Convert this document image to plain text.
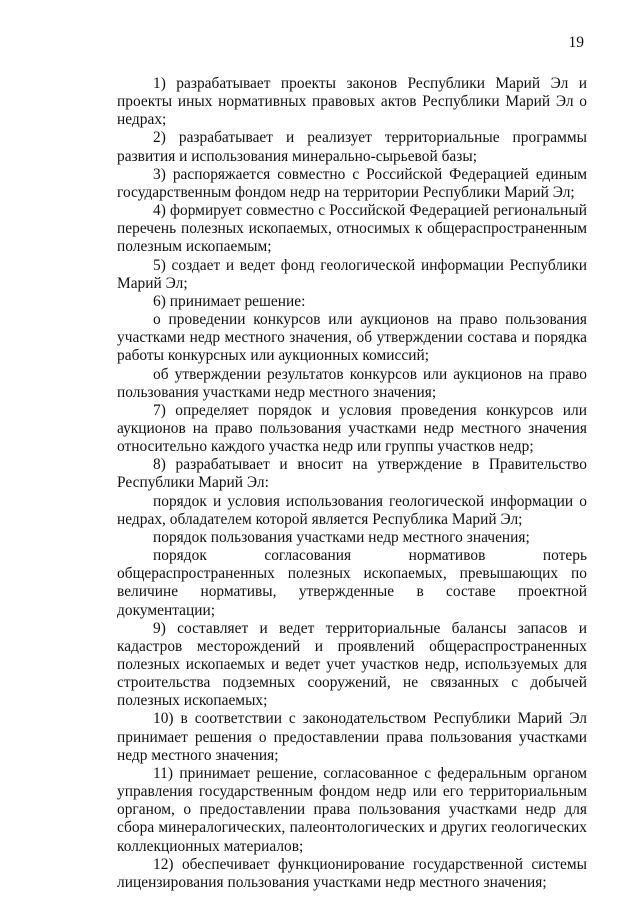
19

1) разрабатывает проекты законов Республики Марий Эл и проекты иных нормативных правовых актов Республики Марий Эл о недрах;

2) разрабатывает и реализует территориальные программы развития и использования минерально-сырьевой базы;

3) распоряжается совместно с Российской Федерацией единым государственным фондом недр на территории Республики Марий Эл;

4) формирует совместно с Российской Федерацией региональный перечень полезных ископаемых, относимых к общераспространенным полезным ископаемым;

5) создает и ведет фонд геологической информации Республики Марий Эл;

6) принимает решение:

о проведении конкурсов или аукционов на право пользования участками недр местного значения, об утверждении состава и порядка работы конкурсных или аукционных комиссий;

об утверждении результатов конкурсов или аукционов на право пользования участками недр местного значения;

7) определяет порядок и условия проведения конкурсов или аукционов на право пользования участками недр местного значения относительно каждого участка недр или группы участков недр;

8) разрабатывает и вносит на утверждение в Правительство Республики Марий Эл:

порядок и условия использования геологической информации о недрах, обладателем которой является Республика Марий Эл;

порядок пользования участками недр местного значения;

порядок согласования нормативов потерь общераспространенных полезных ископаемых, превышающих по величине нормативы, утвержденные в составе проектной документации;

9) составляет и ведет территориальные балансы запасов и кадастров месторождений и проявлений общераспространенных полезных ископаемых и ведет учет участков недр, используемых для строительства подземных сооружений, не связанных с добычей полезных ископаемых;

10) в соответствии с законодательством Республики Марий Эл принимает решения о предоставлении права пользования участками недр местного значения;

11) принимает решение, согласованное с федеральным органом управления государственным фондом недр или его территориальным органом, о предоставлении права пользования участками недр для сбора минералогических, палеонтологических и других геологических коллекционных материалов;

12) обеспечивает функционирование государственной системы лицензирования пользования участками недр местного значения;
